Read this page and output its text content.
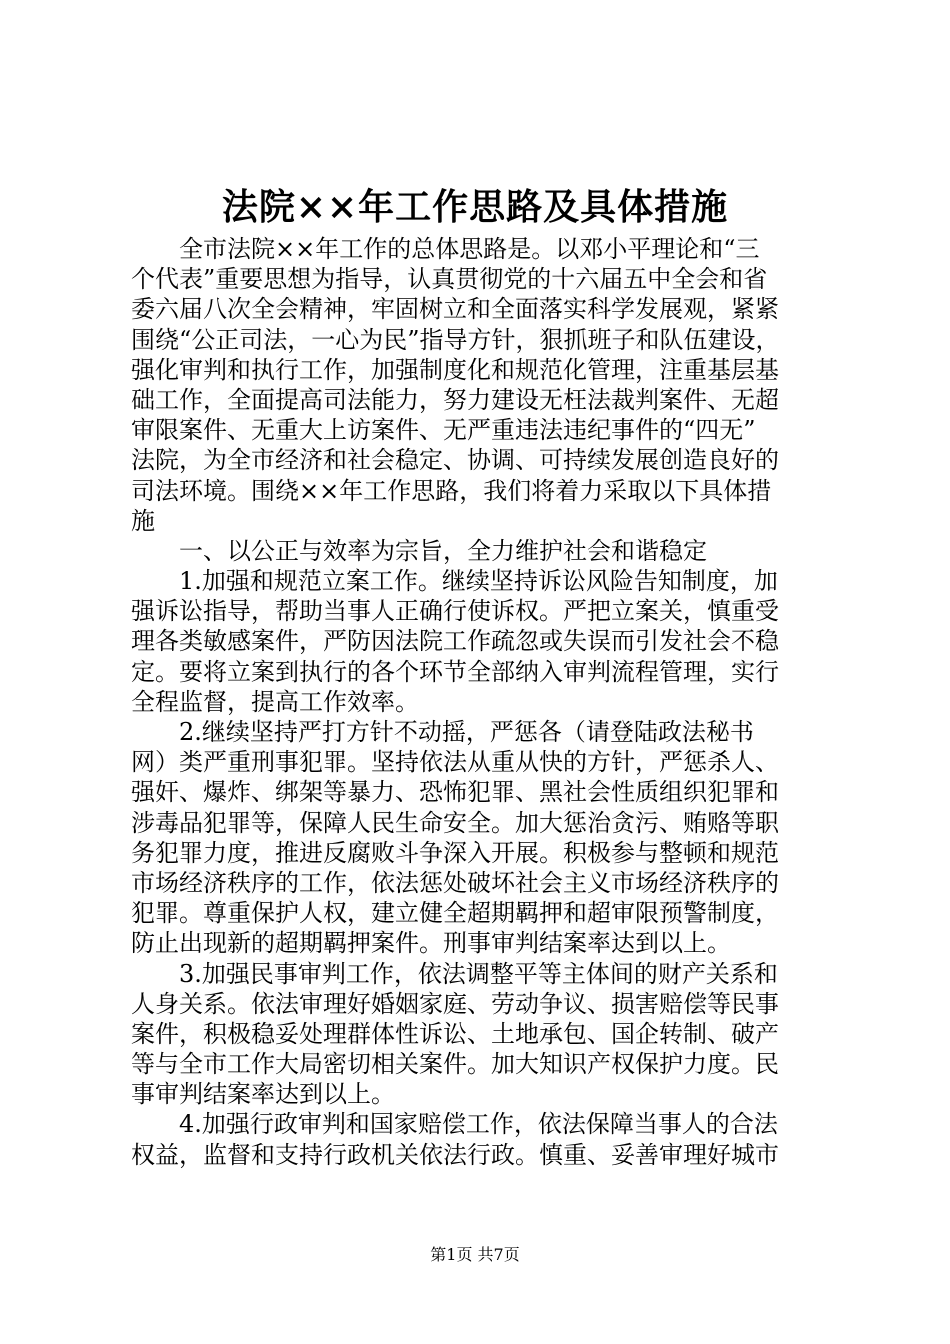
法院××年工作思路及具体措施
　　全市法院××年工作的总体思路是。以邓小平理论和“三
个代表”重要思想为指导，认真贯彻党的十六届五中全会和省
委六届八次全会精神，牢固树立和全面落实科学发展观，紧紧
围绕“公正司法，一心为民”指导方针，狠抓班子和队伍建设，
强化审判和执行工作，加强制度化和规范化管理，注重基层基
础工作，全面提高司法能力，努力建设无枉法裁判案件、无超
审限案件、无重大上访案件、无严重违法违纪事件的“四无”
法院，为全市经济和社会稳定、协调、可持续发展创造良好的
司法环境。围绕××年工作思路，我们将着力采取以下具体措
施
　　一、以公正与效率为宗旨，全力维护社会和谐稳定
　　1.加强和规范立案工作。继续坚持诉讼风险告知制度，加
强诉讼指导，帮助当事人正确行使诉权。严把立案关，慎重受
理各类敏感案件，严防因法院工作疏忽或失误而引发社会不稳
定。要将立案到执行的各个环节全部纳入审判流程管理，实行
全程监督，提高工作效率。
　　2.继续坚持严打方针不动摇，严惩各（请登陆政法秘书
网）类严重刑事犯罪。坚持依法从重从快的方针，严惩杀人、
强奸、爆炸、绑架等暴力、恐怖犯罪、黑社会性质组织犯罪和
涉毒品犯罪等，保障人民生命安全。加大惩治贪污、贿赂等职
务犯罪力度，推进反腐败斗争深入开展。积极参与整顿和规范
市场经济秩序的工作，依法惩处破坏社会主义市场经济秩序的
犯罪。尊重保护人权，建立健全超期羁押和超审限预警制度，
防止出现新的超期羁押案件。刑事审判结案率达到以上。
　　3.加强民事审判工作，依法调整平等主体间的财产关系和
人身关系。依法审理好婚姻家庭、劳动争议、损害赔偿等民事
案件，积极稳妥处理群体性诉讼、土地承包、国企转制、破产
等与全市工作大局密切相关案件。加大知识产权保护力度。民
事审判结案率达到以上。
　　4.加强行政审判和国家赔偿工作，依法保障当事人的合法
权益，监督和支持行政机关依法行政。慎重、妥善审理好城市
第1页 共7页
